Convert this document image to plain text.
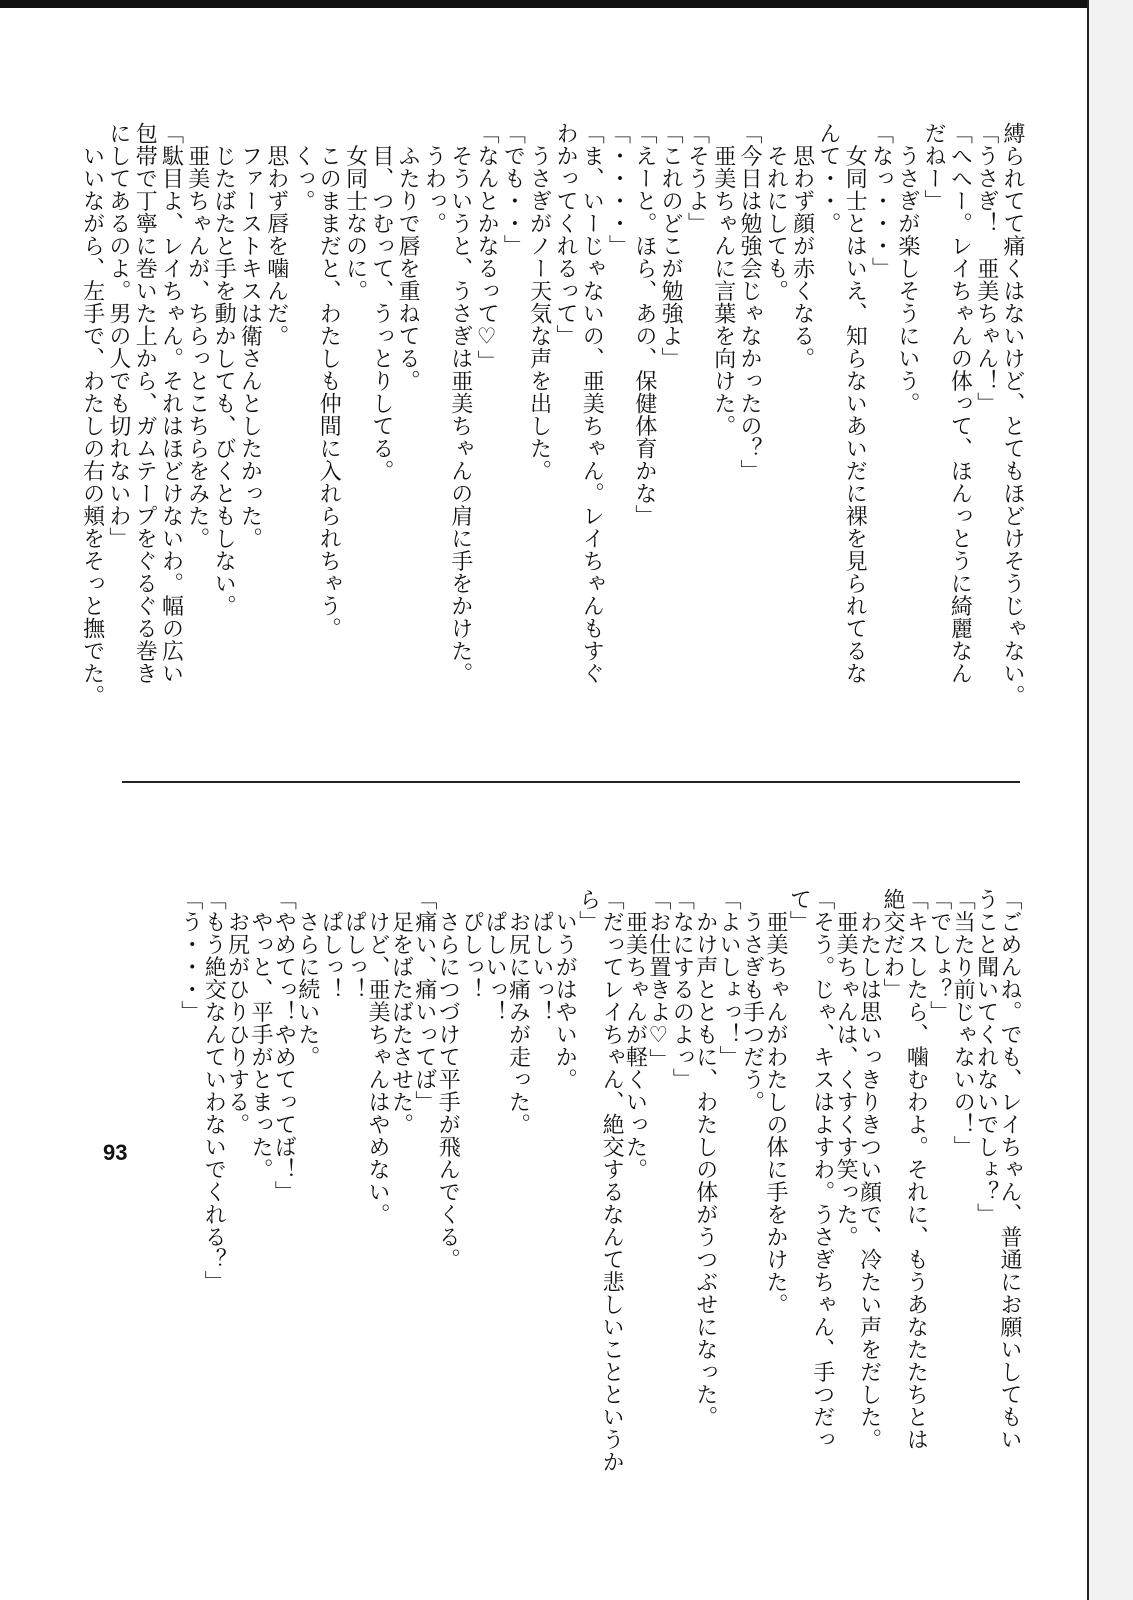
縛られてて痛くはないけど、とてもほどけそうじゃない。
「うさぎ！　亜美ちゃん！」
「へへー。レイちゃんの体って、ほんっとうに綺麗なん
だねー」
　うさぎが楽しそうにいう。
「なっ・・・」
　女同士とはいえ、知らないあいだに裸を見られてるな
んて・・。
　思わず顔が赤くなる。
　それにしても。
「今日は勉強会じゃなかったの？」
　亜美ちゃんに言葉を向けた。
「そうよ」
「これのどこが勉強よ」
「えーと。ほら、あの、保健体育かな」
「・・・・」
「ま、いーじゃないの、亜美ちゃん。レイちゃんもすぐ
わかってくれるって」
　うさぎがノー天気な声を出した。
「でも・・」
「なんとかなるって♡」
　そういうと、うさぎは亜美ちゃんの肩に手をかけた。
　うわっ。
　ふたりで唇を重ねてる。
　目、つむって、うっとりしてる。
　女同士なのに。
　このままだと、わたしも仲間に入れられちゃう。
　くっ。
　思わず唇を噛んだ。
　ファーストキスは衛さんとしたかった。
　じたばたと手を動かしても、びくともしない。
　亜美ちゃんが、ちらっとこちらをみた。
「駄目よ、レイちゃん。それはほどけないわ。幅の広い
包帯で丁寧に巻いた上から、ガムテープをぐるぐる巻き
にしてあるのよ。男の人でも切れないわ」
　いいながら、左手で、わたしの右の頬をそっと撫でた。
「ごめんね。でも、レイちゃん、普通にお願いしてもい
うこと聞いてくれないでしょ？」
「当たり前じゃないの！」
「でしょ？」
「キスしたら、噛むわよ。それに、もうあなたたちとは
絶交だわ」
　わたしは思いっきりきつい顔で、冷たい声をだした。
　亜美ちゃんは、くすくす笑った。
「そう。じゃ、キスはよすわ。うさぎちゃん、手つだっ
て」
　亜美ちゃんがわたしの体に手をかけた。
　うさぎも手つだう。
「よいしょっ！」
　かけ声とともに、わたしの体がうつぶせになった。
「なにするのよっ」
「お仕置きよ♡」
　亜美ちゃんが軽くいった。
「だってレイちゃん、絶交するなんて悲しいことというか
ら」
　いうがはやいか。
　ぱしいっ！
　お尻に痛みが走った。
　ぱしいっ！
　ぴしっ！
　さらにつづけて平手が飛んでくる。
「痛い、痛いってば」
　足をばたばたさせた。
　けど、亜美ちゃんはやめない。
　ぱしっ！
　ぱしっ！
　さらに続いた。
「やめてっ！やめてってば！」
　やっと、平手がとまった。
　お尻がひりひりする。
「もう絶交なんていわないでくれる？」
「う・・・」
93
